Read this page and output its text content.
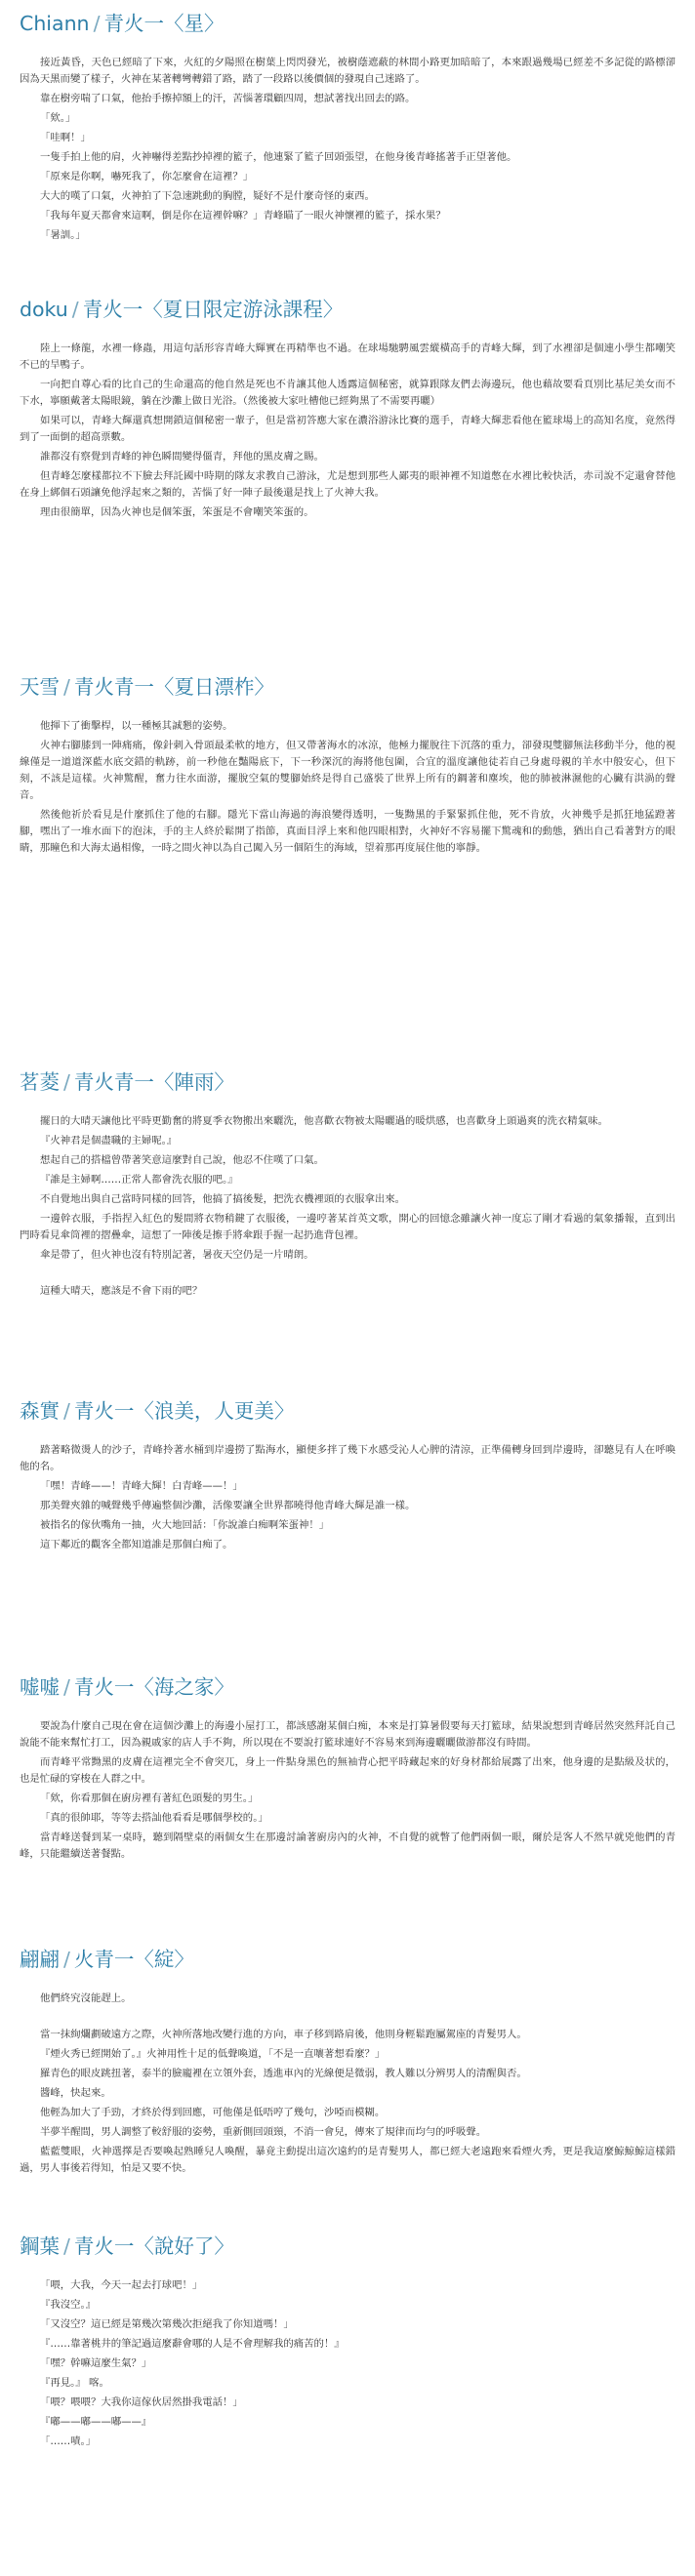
Chiann / 青火一〈星〉

接近黃昏，天色已經暗了下來，火紅的夕陽照在樹葉上閃閃發光，被樹蔭遮蔽的林間小路更加暗暗了，本來跟過幾場已經差不多記從的路標卻因為天黑而變了樣子，火神在某著轉彎轉錯了路，踏了一段路以後價個的發現自己迷路了。

靠在樹旁喘了口氣，他抬手擦掉額上的汗，苦惱著環顧四周，想試著找出回去的路。

「欸。」

「哇啊！」

一隻手拍上他的肩，火神嚇得差點抄掉裡的籃子，他連緊了籃子回頭張望，在他身後青峰搖著手正望著他。

「原來是你啊，嚇死我了，你怎麼會在這裡？」

大大的嘆了口氣，火神拍了下急速跳動的胸膛，疑好不是什麼奇怪的東西。

「我每年夏天都會來這啊，倒是你在這裡幹嘛？」青峰瞄了一眼火神懷裡的籃子，採水果？

「暑訓。」

doku / 青火一〈夏日限定游泳課程〉

陸上一條龍，水裡一條蟲，用這句話形容青峰大輝實在再精準也不過。在球場馳騁風雲縱橫高手的青峰大輝，到了水裡卻是個連小學生都嘲笑不已的旱鴨子。

一向把自尊心看的比自己的生命還高的他自然是死也不肯讓其他人透露這個秘密，就算跟隊友們去海邊玩，他也藉故要看頁別比基尼美女而不下水，寧願戴著太陽眼鏡，躺在沙灘上做日光浴。（然後被大家吐槽他已經夠黑了不需要再曬）

如果可以，青峰大輝還真想開鎖這個秘密一輩子，但是當初答應大家在濃浴游泳比賽的選手，青峰大輝悲看他在籃球場上的高知名度，竟然得到了一面倒的超高票數。

誰都沒有察覺到青峰的神色瞬間變得僵青，拜他的黑皮膚之賜。

但青峰怎麼樣都拉不下臉去拜託國中時期的隊友求教自己游泳，尤是想到那些人鄙夷的眼神裡不知道憋在水裡比較快活，赤司說不定還會替他在身上綁個石頭讓免他浮起來之類的，苦惱了好一陣子最後還是找上了火神大我。

理由很簡單，因為火神也是個笨蛋，笨蛋是不會嘲笑笨蛋的。

天雪 / 青火青一〈夏日漂柞〉

他揮下了衝擊桿，以一種極其誠懇的姿勢。

火神右腳膝到一陣痛痛，像針刺入骨頭最柔軟的地方，但又帶著海水的冰涼，他極力擺脫往下沉落的重力，卻發現雙腳無法移動半分，他的視線僅是一道道深藍水底交錯的軌跡，前一秒他在豔陽底下，下一秒深沉的海將他包圍，合宜的溫度讓他徒若自己身處母親的羊水中般安心，但下刻，不該是這樣。火神驚醒，奮力往水面游，擺脫空氣的雙腳始終是得自己盛裝了世界上所有的鋼著和塵埃，他的肺被淋濕他的心臟有洪渦的聲音。

然後他祈於看見是什麼抓住了他的右腳。隱光下當山海過的海浪變得透明，一隻黝黑的手緊緊抓住他，死不肯放，火神幾乎是抓狂地猛蹬著腳，嘿出了一堆水面下的泡沫，手的主人終於鬆開了指節，真面目浮上來和他四眼相對，火神好不容易擺下驚魂和的動態，猶出自己看著對方的眼睛，那瞳色和大海太過相像，一時之間火神以為自己闖入另一個陌生的海域，望着那再度展住他的寧靜。

茗菱 / 青火青一〈陣雨〉

擺日的大晴天讓他比平時更勤奮的將夏季衣物搬出來曬洗，他喜歡衣物被太陽曬過的暖烘感，也喜歡身上頭過爽的洗衣精氣味。

『火神君是個盡職的主婦呢。』

想起自己的搭檔曾帶著笑意這麼對自己說，他忍不住嘆了口氣。

『誰是主婦啊……正常人都會洗衣服的吧。』

不自覺地出與自己當時同樣的回答，他搞了搞後髮，把洗衣機裡頭的衣服拿出來。

一邊幹衣服，手指捏入紅色的髮間將衣物稍鍵了衣服後，一邊哼著某首英文歌，開心的回憶念雖讓火神一度忘了剛才看過的氣象播報，直到出門時看見傘筒裡的摺疊傘，這想了一陣後是擦手將傘跟手握一起扔進背包裡。

傘是帶了，但火神也沒有特別記著，暑夜天空仍是一片晴朗。

這種大晴天，應該是不會下雨的吧？

森實 / 青火一〈浪美，人更美〉

踏著略微燙人的沙子，青峰拎著水桶到岸邊撈了點海水，顯便多拌了幾下水感受沁人心脾的清涼，正準備轉身回到岸邊時，卻聽見有人在呼喚他的名。

「嘿！青峰——！青峰大輝！白青峰——！」

那美聲夾雜的喊聲幾乎傳遍整個沙灘，活像要讓全世界都曉得他青峰大輝是誰一樣。

被指名的傢伙嘴角一抽，火大地回話：「你說誰白痴啊笨蛋神！」

這下鄰近的觀客全都知道誰是那個白痴了。

嘘嘘 / 青火一〈海之家〉

要說為什麼自己現在會在這個沙灘上的海邊小屋打工，都該感謝某個白痴，本來是打算暑假要每天打籃球，結果說想到青峰居然突然拜託自己說能不能來幫忙打工，因為親戚家的店人手不夠，所以現在不要說打籃球連好不容易來到海邊曬曬做游都沒有時間。

而青峰平常黝黑的皮膚在這裡完全不會突兀，身上一件點身黑色的無袖背心把平時藏起來的好身材都給展露了出來，他身邊的是點級及状的，也是忙碌的穿梭在人群之中。

「欸，你看那個在廚房裡有著紅色頭髮的男生。」

「真的很帥耶，等等去搭訕他看看是哪個學校的。」

當青峰送餐到某一桌時，聽到隔壁桌的兩個女生在那邊討論著廚房內的火神，不自覺的就瞥了他們兩個一眼，爾於是客人不然早就兇他們的青峰，只能繼續送著餐點。

翩翩 / 火青一〈綻〉

他們終究沒能趕上。

當一抹絢爛劃破遠方之際，火神所落地改變行進的方向，車子移到路肩後，他則身輕鬆跑屬駕座的青髮男人。

『煙火秀已經開始了。』火神用性十足的低聲喚道，「不是一直嚷著想看麼？」

羅青色的眼皮跳扭著，泰半的臉龐裡在立領外套，透進車內的光線便是微弱，教人難以分辨男人的清醒與否。

醬峰，快起來。

他輕為加大了手勁，才終於得到回應，可他僅是低唔哼了幾句，沙啞而模糊。

半夢半醒間，男人調整了較舒服的姿勢，重新側回頭頸，不消一會兒，傳來了規律而均勻的呼吸聲。

藍藍雙眼，火神選擇是否要喚起熟睡兒人喚醒，暴竟主動提出這次遠約的是青髮男人，都已經大老遠跑來看煙火秀，更是我這麼鯨鯨鯨這樣錯過，男人事後若得知，怕是又要不快。

鋼葉 / 青火一〈說好了〉

「喂，大我，今天一起去打球吧！」

『我沒空。』

「又沒空？這已經是第幾次第幾次拒絕我了你知道嗎！」

『……靠著桃井的筆記過這麼辭會哪的人是不會理解我的痛苦的！』

「嘿？幹嘛這麼生氣？」

『再見。』 喀。

「喂？喂喂？大我你這傢伙居然掛我電話！」

『嘟——嘟——嘟——』

「……嘖。」
